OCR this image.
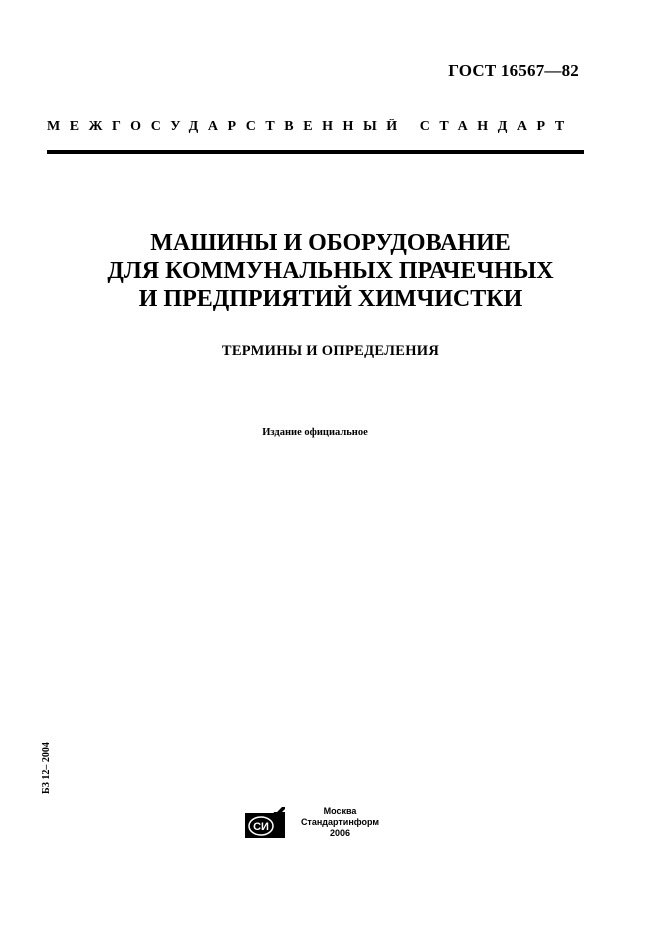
ГОСТ 16567—82
МЕЖГОСУДАРСТВЕННЫЙ СТАНДАРТ
МАШИНЫ И ОБОРУДОВАНИЕ
ДЛЯ КОММУНАЛЬНЫХ ПРАЧЕЧНЫХ
И ПРЕДПРИЯТИЙ ХИМЧИСТКИ
ТЕРМИНЫ И ОПРЕДЕЛЕНИЯ
Издание официальное
БЗ 12– 2004
СИ
Москва
Стандартинформ
2006
